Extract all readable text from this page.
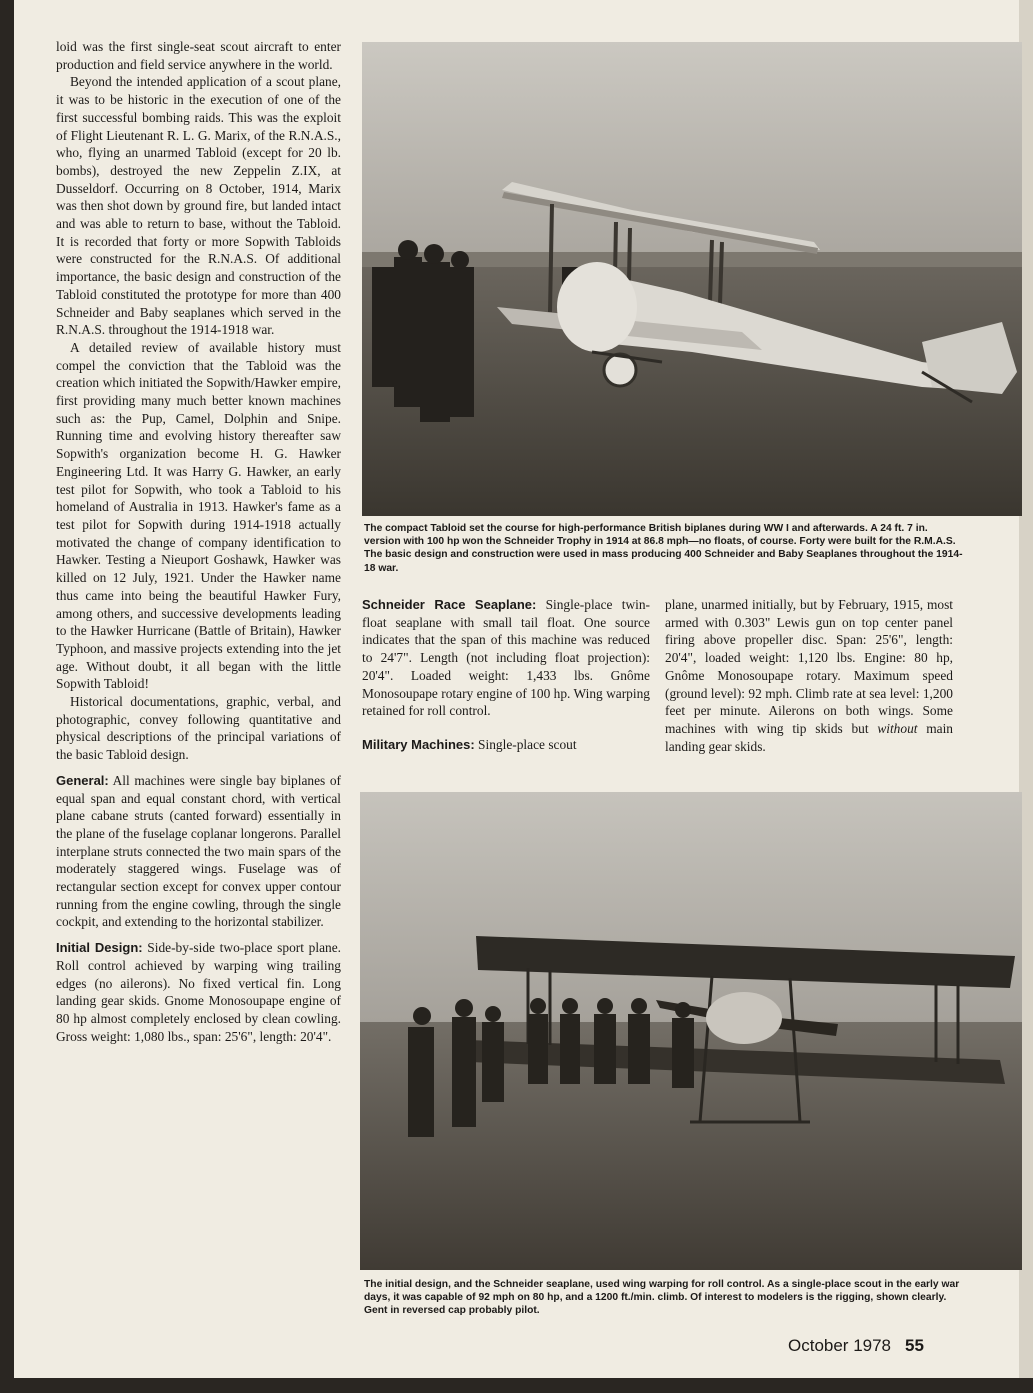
loid was the first single-seat scout aircraft to enter production and field service anywhere in the world.

Beyond the intended application of a scout plane, it was to be historic in the execution of one of the first successful bombing raids. This was the exploit of Flight Lieutenant R. L. G. Marix, of the R.N.A.S., who, flying an unarmed Tabloid (except for 20 lb. bombs), destroyed the new Zeppelin Z.IX, at Dusseldorf. Occurring on 8 October, 1914, Marix was then shot down by ground fire, but landed intact and was able to return to base, without the Tabloid. It is recorded that forty or more Sopwith Tabloids were constructed for the R.N.A.S. Of additional importance, the basic design and construction of the Tabloid constituted the prototype for more than 400 Schneider and Baby seaplanes which served in the R.N.A.S. throughout the 1914-1918 war.

A detailed review of available history must compel the conviction that the Tabloid was the creation which initiated the Sopwith/Hawker empire, first providing many much better known machines such as: the Pup, Camel, Dolphin and Snipe. Running time and evolving history thereafter saw Sopwith's organization become H. G. Hawker Engineering Ltd. It was Harry G. Hawker, an early test pilot for Sopwith, who took a Tabloid to his homeland of Australia in 1913. Hawker's fame as a test pilot for Sopwith during 1914-1918 actually motivated the change of company identification to Hawker. Testing a Nieuport Goshawk, Hawker was killed on 12 July, 1921. Under the Hawker name thus came into being the beautiful Hawker Fury, among others, and successive developments leading to the Hawker Hurricane (Battle of Britain), Hawker Typhoon, and massive projects extending into the jet age. Without doubt, it all began with the little Sopwith Tabloid!

Historical documentations, graphic, verbal, and photographic, convey following quantitative and physical descriptions of the principal variations of the basic Tabloid design.

General: All machines were single bay biplanes of equal span and equal constant chord, with vertical plane cabane struts (canted forward) essentially in the plane of the fuselage coplanar longerons. Parallel interplane struts connected the two main spars of the moderately staggered wings. Fuselage was of rectangular section except for convex upper contour running from the engine cowling, through the single cockpit, and extending to the horizontal stabilizer.

Initial Design: Side-by-side two-place sport plane. Roll control achieved by warping wing trailing edges (no ailerons). No fixed vertical fin. Long landing gear skids. Gnome Monosoupape engine of 80 hp almost completely enclosed by clean cowling. Gross weight: 1,080 lbs., span: 25'6", length: 20'4".

The compact Tabloid set the course for high-performance British biplanes during WW I and afterwards. A 24 ft. 7 in. version with 100 hp won the Schneider Trophy in 1914 at 86.8 mph—no floats, of course. Forty were built for the R.M.A.S. The basic design and construction were used in mass producing 400 Schneider and Baby Seaplanes throughout the 1914-18 war.

Schneider Race Seaplane: Single-place twin-float seaplane with small tail float. One source indicates that the span of this machine was reduced to 24'7". Length (not including float projection): 20'4". Loaded weight: 1,433 lbs. Gnôme Monosoupape rotary engine of 100 hp. Wing warping retained for roll control.

Military Machines: Single-place scout

plane, unarmed initially, but by February, 1915, most armed with 0.303" Lewis gun on top center panel firing above propeller disc. Span: 25'6", length: 20'4", loaded weight: 1,120 lbs. Engine: 80 hp, Gnôme Monosoupape rotary. Maximum speed (ground level): 92 mph. Climb rate at sea level: 1,200 feet per minute. Ailerons on both wings. Some machines with wing tip skids but without main landing gear skids.

The initial design, and the Schneider seaplane, used wing warping for roll control. As a single-place scout in the early war days, it was capable of 92 mph on 80 hp, and a 1200 ft./min. climb. Of interest to modelers is the rigging, shown clearly. Gent in reversed cap probably pilot.
October 1978 55
